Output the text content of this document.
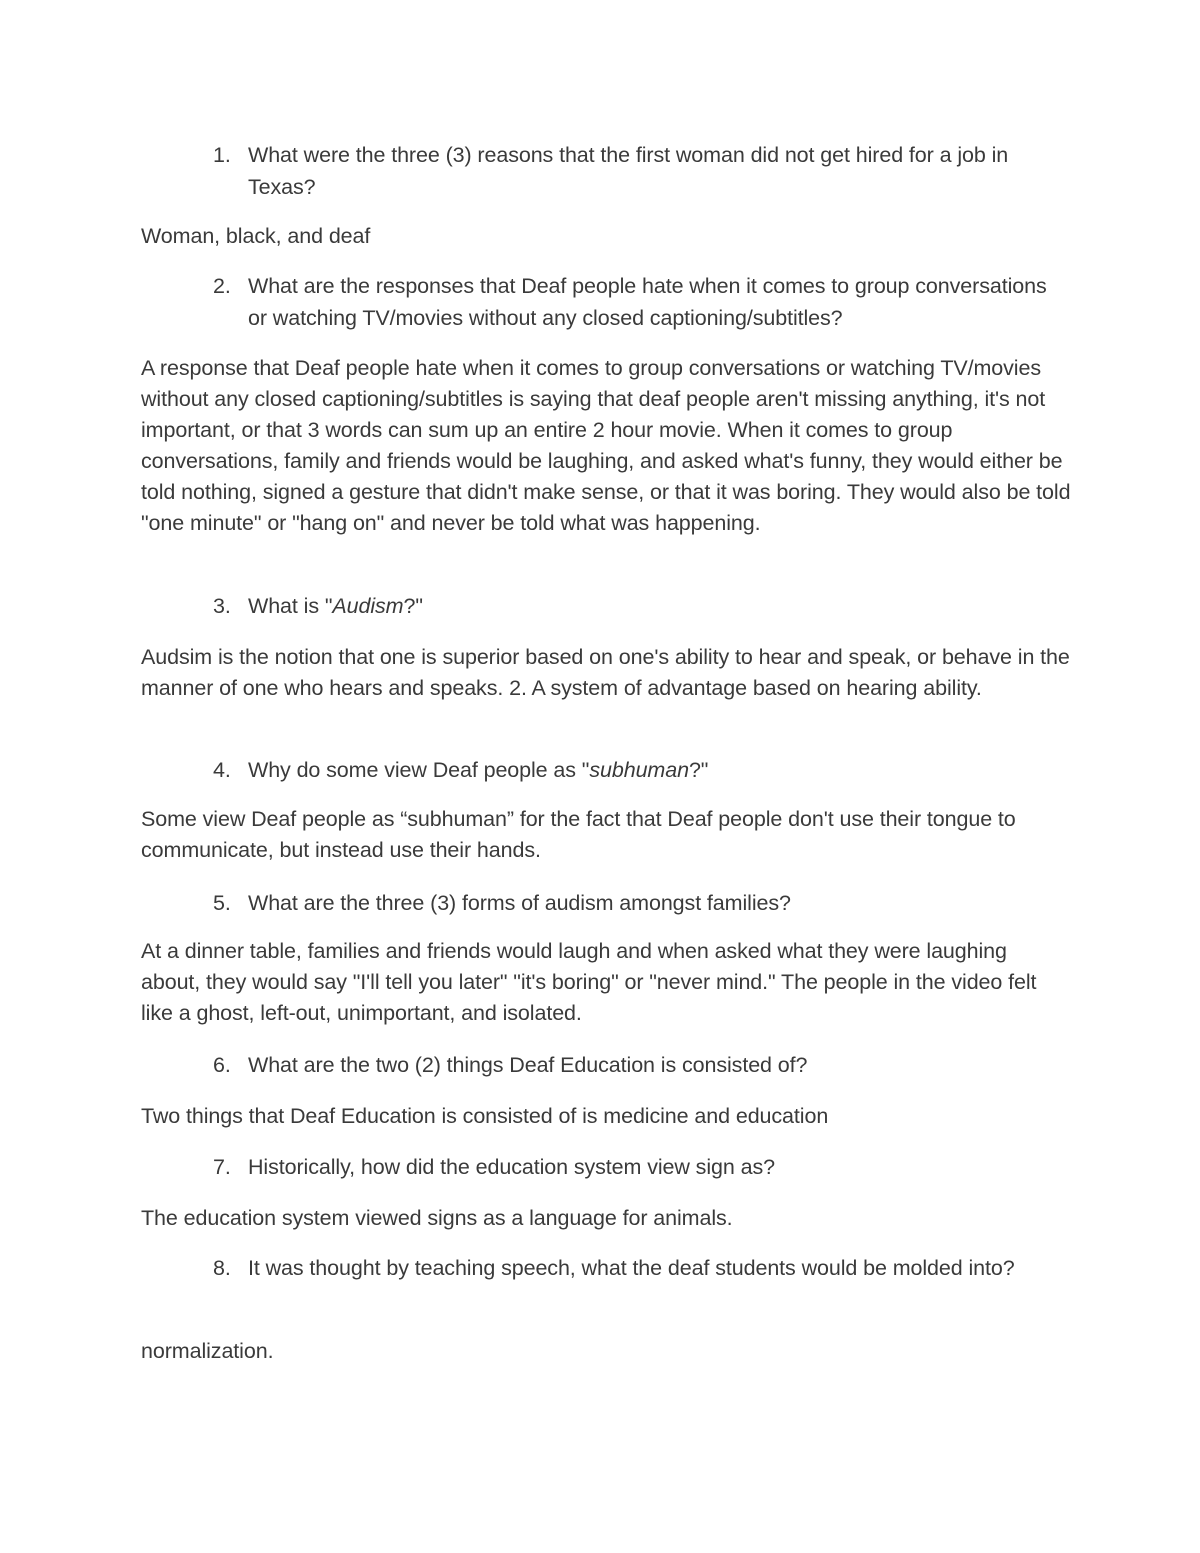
1. What were the three (3) reasons that the first woman did not get hired for a job in Texas?
Woman, black, and deaf
2. What are the responses that Deaf people hate when it comes to group conversations or watching TV/movies without any closed captioning/subtitles?
A response that Deaf people hate when it comes to group conversations or watching TV/movies without any closed captioning/subtitles is saying that deaf people aren't missing anything, it's not important, or that 3 words can sum up an entire 2 hour movie. When it comes to group conversations, family and friends would be laughing, and asked what's funny, they would either be told nothing, signed a gesture that didn't make sense, or that it was boring. They would also be told "one minute" or "hang on" and never be told what was happening.
3. What is "Audism?"
Audsim is the notion that one is superior based on one's ability to hear and speak, or behave in the manner of one who hears and speaks. 2. A system of advantage based on hearing ability.
4. Why do some view Deaf people as "subhuman?"
Some view Deaf people as “subhuman” for the fact that Deaf people don't use their tongue to communicate, but instead use their hands.
5. What are the three (3) forms of audism amongst families?
At a dinner table, families and friends would laugh and when asked what they were laughing about, they would say "I'll tell you later" "it's boring" or "never mind." The people in the video felt like a ghost, left-out, unimportant, and isolated.
6. What are the two (2) things Deaf Education is consisted of?
Two things that Deaf Education is consisted of is medicine and education
7. Historically, how did the education system view sign as?
The education system viewed signs as a language for animals.
8. It was thought by teaching speech, what the deaf students would be molded into?
normalization.
